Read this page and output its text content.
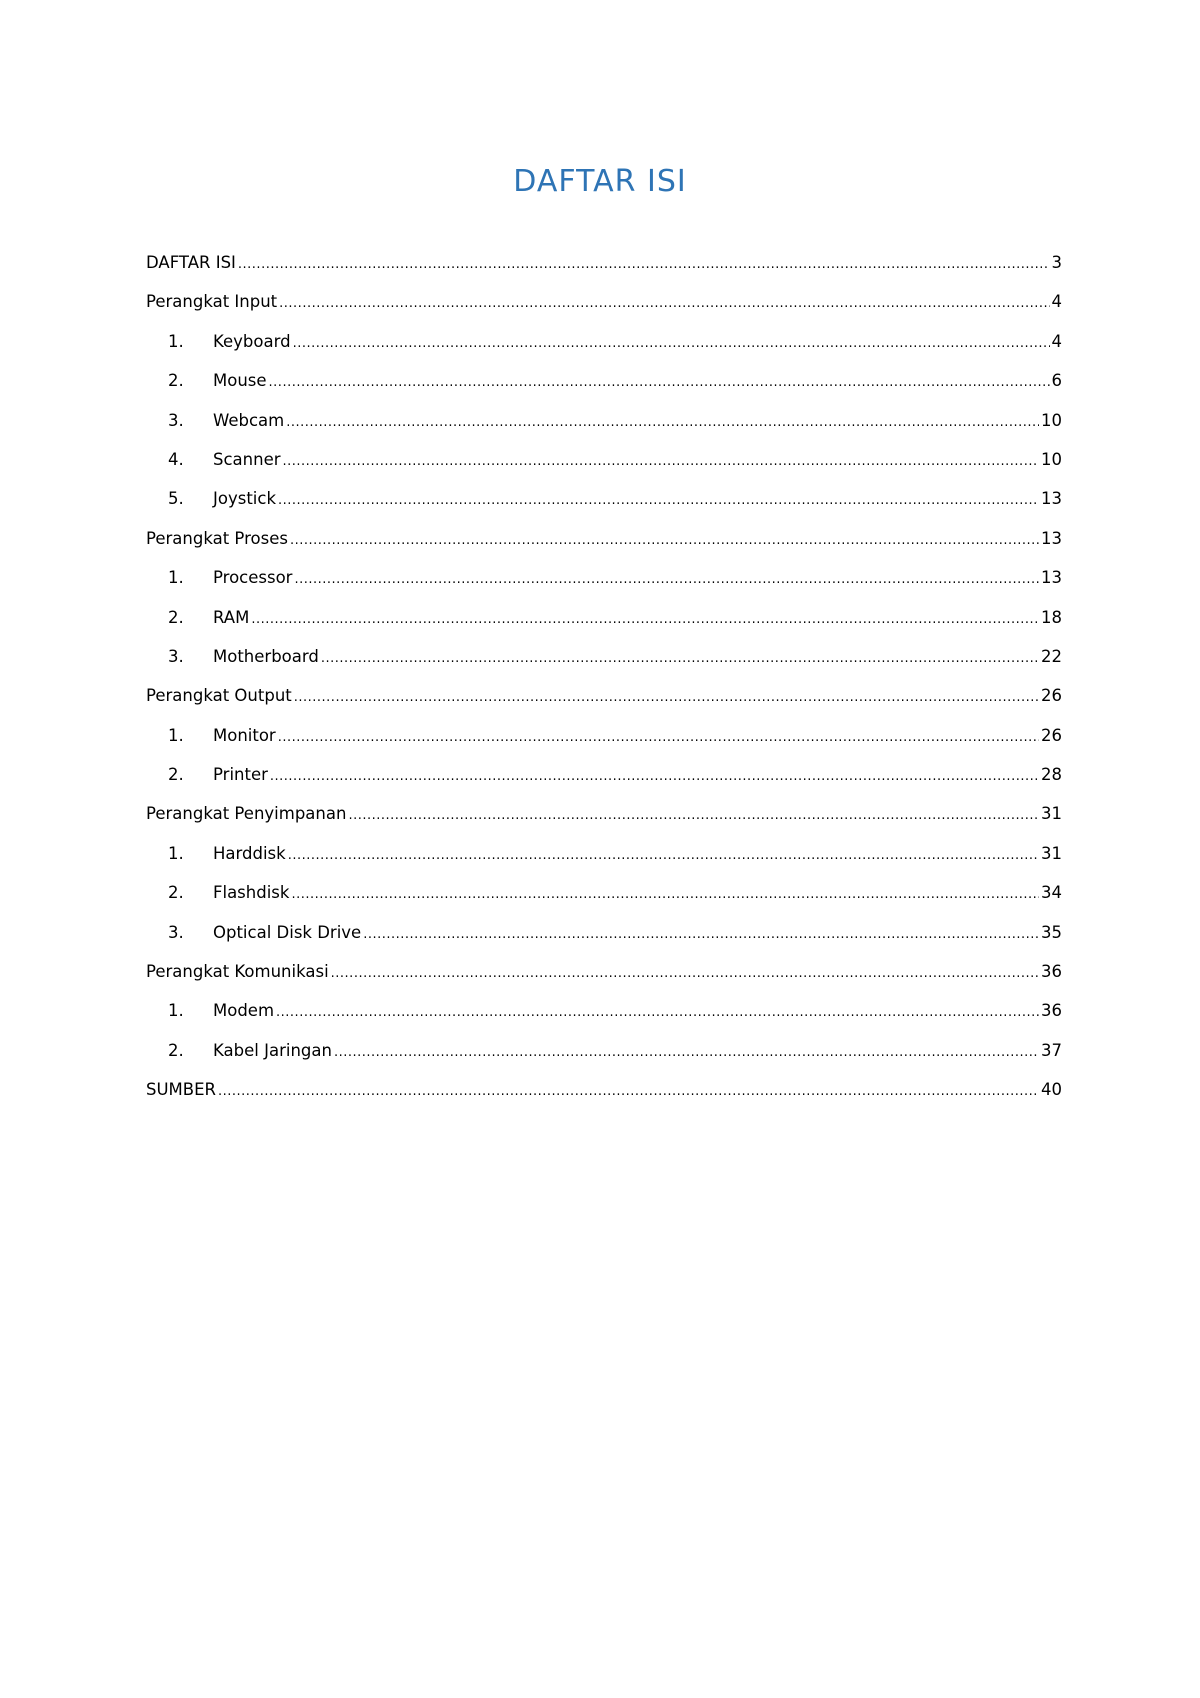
DAFTAR ISI
DAFTAR ISI .....	3
Perangkat Input .....	4
1.	Keyboard .....	4
2.	Mouse .....	6
3.	Webcam .....	10
4.	Scanner .....	10
5.	Joystick .....	13
Perangkat Proses .....	13
1.	Processor .....	13
2.	RAM .....	18
3.	Motherboard .....	22
Perangkat Output .....	26
1.	Monitor .....	26
2.	Printer .....	28
Perangkat Penyimpanan .....	31
1.	Harddisk .....	31
2.	Flashdisk .....	34
3.	Optical Disk Drive .....	35
Perangkat Komunikasi .....	36
1.	Modem .....	36
2.	Kabel Jaringan .....	37
SUMBER .....	40
